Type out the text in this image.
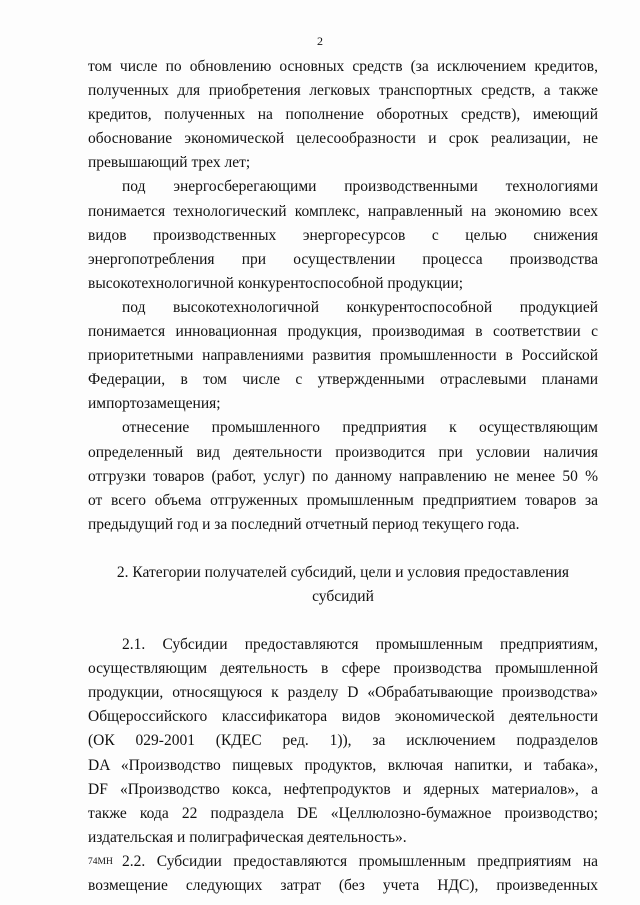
2
том числе по обновлению основных средств (за исключением кредитов,
полученных для приобретения легковых транспортных средств, а также
кредитов, полученных на пополнение оборотных средств), имеющий
обоснование экономической целесообразности и срок реализации, не
превышающий трех лет;
под энергосберегающими производственными технологиями
понимается технологический комплекс, направленный на экономию всех
видов производственных энергоресурсов с целью снижения
энергопотребления при осуществлении процесса производства
высокотехнологичной конкурентоспособной продукции;
под высокотехнологичной конкурентоспособной продукцией
понимается инновационная продукция, производимая в соответствии с
приоритетными направлениями развития промышленности в Российской
Федерации, в том числе с утвержденными отраслевыми планами
импортозамещения;
отнесение промышленного предприятия к осуществляющим
определенный вид деятельности производится при условии наличия
отгрузки товаров (работ, услуг) по данному направлению не менее 50 %
от всего объема отгруженных промышленным предприятием товаров за
предыдущий год и за последний отчетный период текущего года.
2. Категории получателей субсидий, цели и условия предоставления
субсидий
2.1. Субсидии предоставляются промышленным предприятиям,
осуществляющим деятельность в сфере производства промышленной
продукции, относящуюся к разделу D «Обрабатывающие производства»
Общероссийского классификатора видов экономической деятельности
(ОК 029-2001 (КДЕС ред. 1)), за исключением подразделов
DA «Производство пищевых продуктов, включая напитки, и табака»,
DF «Производство кокса, нефтепродуктов и ядерных материалов», а
также кода 22 подраздела DE «Целлюлозно-бумажное производство;
издательская и полиграфическая деятельность».
2.2. Субсидии предоставляются промышленным предприятиям на
возмещение следующих затрат (без учета НДС), произведенных
74МН
